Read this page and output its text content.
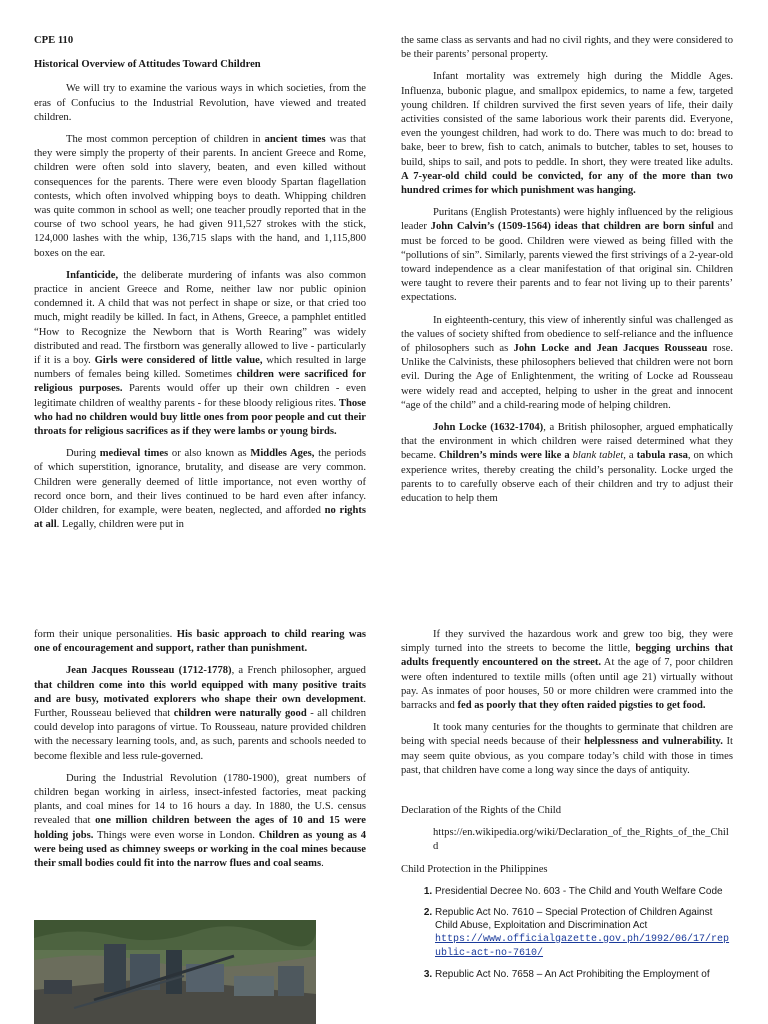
CPE 110

Historical Overview of Attitudes Toward Children

We will try to examine the various ways in which societies, from the eras of Confucius to the Industrial Revolution, have viewed and treated children.

The most common perception of children in ancient times was that they were simply the property of their parents. In ancient Greece and Rome, children were often sold into slavery, beaten, and even killed without consequences for the parents. There were even bloody Spartan flagellation contests, which often involved whipping boys to death. Whipping children was quite common in school as well; one teacher proudly reported that in the course of two school years, he had given 911,527 strokes with the stick, 124,000 lashes with the whip, 136,715 slaps with the hand, and 1,115,800 boxes on the ear.

Infanticide, the deliberate murdering of infants was also common practice in ancient Greece and Rome, neither law nor public opinion condemned it. A child that was not perfect in shape or size, or that cried too much, might readily be killed. In fact, in Athens, Greece, a pamphlet entitled “How to Recognize the Newborn that is Worth Rearing” was widely distributed and read. The firstborn was generally allowed to live - particularly if it is a boy. Girls were considered of little value, which resulted in large numbers of females being killed. Sometimes children were sacrificed for religious purposes. Parents would offer up their own children - even legitimate children of wealthy parents - for these bloody religious rites. Those who had no children would buy little ones from poor people and cut their throats for religious sacrifices as if they were lambs or young birds.

During medieval times or also known as Middles Ages, the periods of which superstition, ignorance, brutality, and disease are very common. Children were generally deemed of little importance, not even worthy of record once born, and their lives continued to be hard even after infancy. Older children, for example, were beaten, neglected, and afforded no rights at all. Legally, children were put in

the same class as servants and had no civil rights, and they were considered to be their parents’ personal property.

Infant mortality was extremely high during the Middle Ages. Influenza, bubonic plague, and smallpox epidemics, to name a few, targeted young children. If children survived the first seven years of life, their daily activities consisted of the same laborious work their parents did. Everyone, even the youngest children, had work to do. There was much to do: bread to bake, beer to brew, fish to catch, animals to butcher, tables to set, houses to build, ships to sail, and pots to peddle. In short, they were treated like adults. A 7-year-old child could be convicted, for any of the more than two hundred crimes for which punishment was hanging.

Puritans (English Protestants) were highly influenced by the religious leader John Calvin’s (1509-1564) ideas that children are born sinful and must be forced to be good. Children were viewed as being filled with the “pollutions of sin”. Similarly, parents viewed the first strivings of a 2-year-old toward independence as a clear manifestation of that original sin. Children were taught to revere their parents and to fear not living up to their parents’ expectations.

In eighteenth-century, this view of inherently sinful was challenged as the values of society shifted from obedience to self-reliance and the influence of philosophers such as John Locke and Jean Jacques Rousseau rose. Unlike the Calvinists, these philosophers believed that children were not born evil. During the Age of Enlightenment, the writing of Locke ad Rousseau were widely read and accepted, helping to usher in the great and innocent “age of the child” and a child-rearing mode of helping children.

John Locke (1632-1704), a British philosopher, argued emphatically that the environment in which children were raised determined what they became. Children’s minds were like a blank tablet, a tabula rasa, on which experience writes, thereby creating the child’s personality. Locke urged the parents to to carefully observe each of their children and try to adjust their education to help them

form their unique personalities. His basic approach to child rearing was one of encouragement and support, rather than punishment.

Jean Jacques Rousseau (1712-1778), a French philosopher, argued that children come into this world equipped with many positive traits and are busy, motivated explorers who shape their own development. Further, Rousseau believed that children were naturally good - all children could develop into paragons of virtue. To Rousseau, nature provided children with the necessary learning tools, and, as such, parents and schools needed to become flexible and less rule-governed.

During the Industrial Revolution (1780-1900), great numbers of children began working in airless, insect-infested factories, meat packing plants, and coal mines for 14 to 16 hours a day. In 1880, the U.S. census revealed that one million children between the ages of 10 and 15 were holding jobs. Things were even worse in London. Children as young as 4 were being used as chimney sweeps or working in the coal mines because their small bodies could fit into the narrow flues and coal seams.

If they survived the hazardous work and grew too big, they were simply turned into the streets to become the little, begging urchins that adults frequently encountered on the street. At the age of 7, poor children were often indentured to textile mills (often until age 21) virtually without pay. As inmates of poor houses, 50 or more children were crammed into the barracks and fed as poorly that they often raided pigsties to get food.

It took many centuries for the thoughts to germinate that children are being with special needs because of their helplessness and vulnerability. It may seem quite obvious, as you compare today’s child with those in times past, that children have come a long way since the days of antiquity.

Declaration of the Rights of the Child

https://en.wikipedia.org/wiki/Declaration_of_the_Rights_of_the_Child

Child Protection in the Philippines

1. Presidential Decree No. 603 - The Child and Youth Welfare Code
2. Republic Act No. 7610 – Special Protection of Children Against Child Abuse, Exploitation and Discrimination Act
https://www.officialgazette.gov.ph/1992/06/17/republic-act-no-7610/
3. Republic Act No. 7658 – An Act Prohibiting the Employment of
